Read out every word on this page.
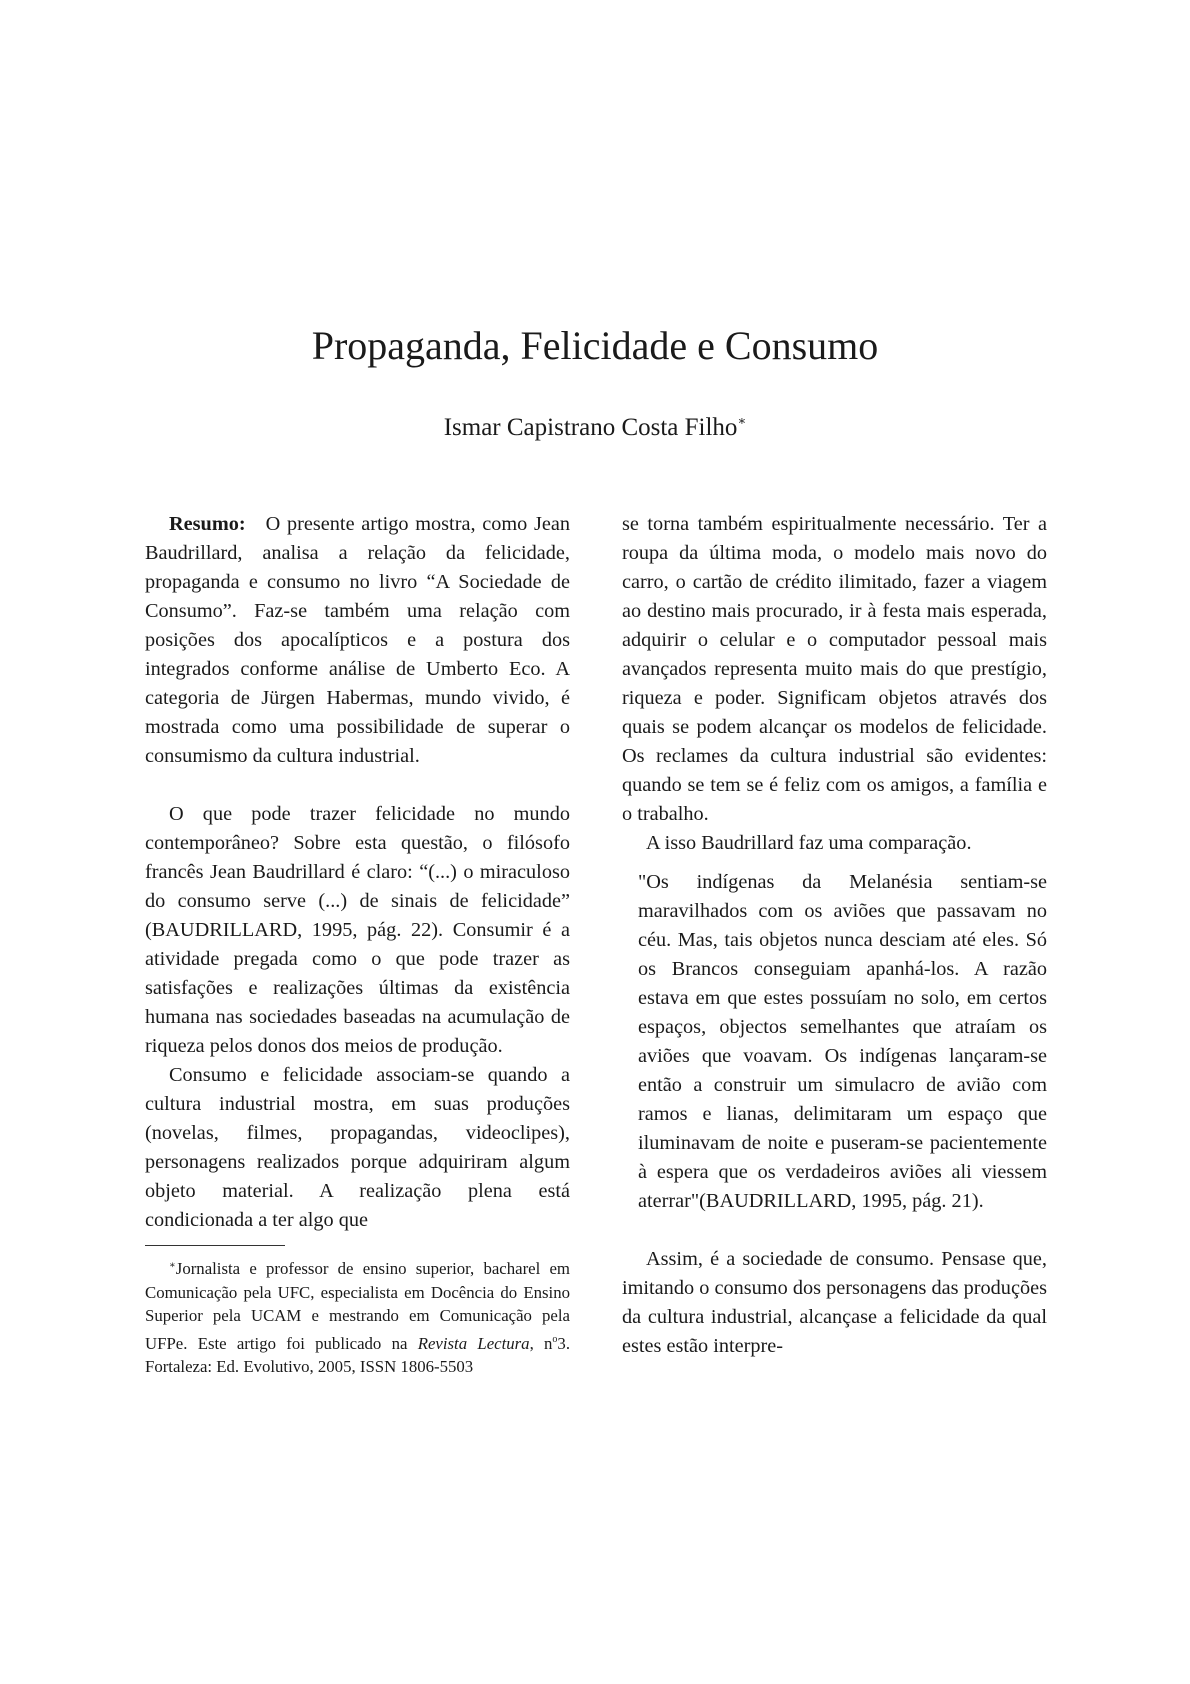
Propaganda, Felicidade e Consumo
Ismar Capistrano Costa Filho∗

Resumo: O presente artigo mostra, como Jean Baudrillard, analisa a relação da felicidade, propaganda e consumo no livro “A Sociedade de Consumo”. Faz-se também uma relação com posições dos apocalípticos e a postura dos integrados conforme análise de Umberto Eco. A categoria de Jürgen Habermas, mundo vivido, é mostrada como uma possibilidade de superar o consumismo da cultura industrial.

O que pode trazer felicidade no mundo contemporâneo? Sobre esta questão, o filósofo francês Jean Baudrillard é claro: “(...) o miraculoso do consumo serve (...) de sinais de felicidade” (BAUDRILLARD, 1995, pág. 22). Consumir é a atividade pregada como o que pode trazer as satisfações e realizações últimas da existência humana nas sociedades baseadas na acumulação de riqueza pelos donos dos meios de produção.

Consumo e felicidade associam-se quando a cultura industrial mostra, em suas produções (novelas, filmes, propagandas, videoclipes), personagens realizados porque adquiriram algum objeto material. A realização plena está condicionada a ter algo que

∗Jornalista e professor de ensino superior, bacharel em Comunicação pela UFC, especialista em Docência do Ensino Superior pela UCAM e mestrando em Comunicação pela UFPe. Este artigo foi publicado na Revista Lectura, $n^o3$. Fortaleza: Ed. Evolutivo, 2005, ISSN 1806-5503

se torna também espiritualmente necessário. Ter a roupa da última moda, o modelo mais novo do carro, o cartão de crédito ilimitado, fazer a viagem ao destino mais procurado, ir à festa mais esperada, adquirir o celular e o computador pessoal mais avançados representa muito mais do que prestígio, riqueza e poder. Significam objetos através dos quais se podem alcançar os modelos de felicidade. Os reclames da cultura industrial são evidentes: quando se tem se é feliz com os amigos, a família e o trabalho.

A isso Baudrillard faz uma comparação.

"Os indígenas da Melanésia sentiam-se maravilhados com os aviões que passavam no céu. Mas, tais objetos nunca desciam até eles. Só os Brancos conseguiam apanhá-los. A razão estava em que estes possuíam no solo, em certos espaços, objectos semelhantes que atraíam os aviões que voavam. Os indígenas lançaram-se então a construir um simulacro de avião com ramos e lianas, delimitaram um espaço que iluminavam de noite e puseram-se pacientemente à espera que os verdadeiros aviões ali viessem aterrar"(BAUDRILLARD, 1995, pág. 21).

Assim, é a sociedade de consumo. Pensase que, imitando o consumo dos personagens das produções da cultura industrial, alcançase a felicidade da qual estes estão interpre-
